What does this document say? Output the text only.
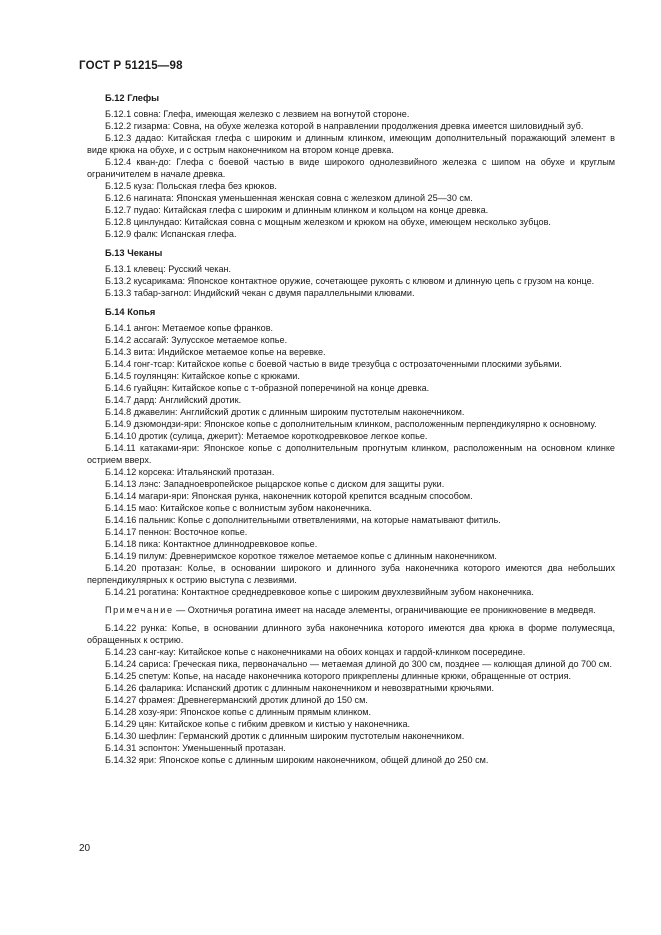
ГОСТ Р 51215—98
Б.12 Глефы

Б.12.1 совна: Глефа, имеющая железко с лезвием на вогнутой стороне.

Б.12.2 гизарма: Совна, на обухе железка которой в направлении продолжения древка имеется шиловидный зуб.

Б.12.3 дадао: Китайская глефа с широким и длинным клинком, имеющим дополнительный поражающий элемент в виде крюка на обухе, и с острым наконечником на втором конце древка.

Б.12.4 кван-до: Глефа с боевой частью в виде широкого однолезвийного железка с шипом на обухе и круглым ограничителем в начале древка.

Б.12.5 куза: Польская глефа без крюков.

Б.12.6 нагината: Японская уменьшенная женская совна с железком длиной 25—30 см.

Б.12.7 пудао: Китайская глефа с широким и длинным клинком и кольцом на конце древка.

Б.12.8 цинлундао: Китайская совна с мощным железком и крюком на обухе, имеющем несколько зубцов.

Б.12.9 фалк: Испанская глефа.

Б.13 Чеканы

Б.13.1 клевец: Русский чекан.

Б.13.2 кусарикама: Японское контактное оружие, сочетающее рукоять с клювом и длинную цепь с грузом на конце.

Б.13.3 табар-загнол: Индийский чекан с двумя параллельными клювами.

Б.14 Копья

Б.14.1 ангон: Метаемое копье франков.

Б.14.2 ассагай: Зулусское метаемое копье.

Б.14.3 вита: Индийское метаемое копье на веревке.

Б.14.4 гонг-тсар: Китайское копье с боевой частью в виде трезубца с острозаточенными плоскими зубьями.

Б.14.5 гоулянцян: Китайское копье с крюками.

Б.14.6 гуайцян: Китайское копье с т-образной поперечиной на конце древка.

Б.14.7 дард: Английский дротик.

Б.14.8 джавелин: Английский дротик с длинным широким пустотелым наконечником.

Б.14.9 дзюмондзи-яри: Японское копье с дополнительным клинком, расположенным перпендикулярно к основному.

Б.14.10 дротик (сулица, джерит): Метаемое короткодревковое легкое копье.

Б.14.11 катаками-яри: Японское копье с дополнительным прогнутым клинком, расположенным на основном клинке острием вверх.

Б.14.12 корсека: Итальянский протазан.

Б.14.13 лэнс: Западноевропейское рыцарское копье с диском для защиты руки.

Б.14.14 магари-яри: Японская рунка, наконечник которой крепится всадным способом.

Б.14.15 мао: Китайское копье с волнистым зубом наконечника.

Б.14.16 пальник: Копье с дополнительными ответвлениями, на которые наматывают фитиль.

Б.14.17 пеннон: Восточное копье.

Б.14.18 пика: Контактное длиннодревковое копье.

Б.14.19 пилум: Древнеримское короткое тяжелое метаемое копье с длинным наконечником.

Б.14.20 протазан: Колье, в основании широкого и длинного зуба наконечника которого имеются два небольших перпендикулярных к острию выступа с лезвиями.

Б.14.21 рогатина: Контактное среднедревковое копье с широким двухлезвийным зубом наконечника.

Примечание — Охотничья рогатина имеет на насаде элементы, ограничивающие ее проникновение в медведя.

Б.14.22 рунка: Копье, в основании длинного зуба наконечника которого имеются два крюка в форме полумесяца, обращенных к острию.

Б.14.23 санг-кау: Китайское копье с наконечниками на обоих концах и гардой-клинком посередине.

Б.14.24 сариса: Греческая пика, первоначально — метаемая длиной до 300 см, позднее — колющая длиной до 700 см.

Б.14.25 спетум: Копье, на насаде наконечника которого прикреплены длинные крюки, обращенные от острия.

Б.14.26 фаларика: Испанский дротик с длинным наконечником и невозвратными крючьями.

Б.14.27 фрамея: Древнегерманский дротик длиной до 150 см.

Б.14.28 хозу-яри: Японское копье с длинным прямым клинком.

Б.14.29 цян: Китайское копье с гибким древком и кистью у наконечника.

Б.14.30 шефлин: Германский дротик с длинным широким пустотелым наконечником.

Б.14.31 эспонтон: Уменьшенный протазан.

Б.14.32 яри: Японское копье с длинным широким наконечником, общей длиной до 250 см.

20
